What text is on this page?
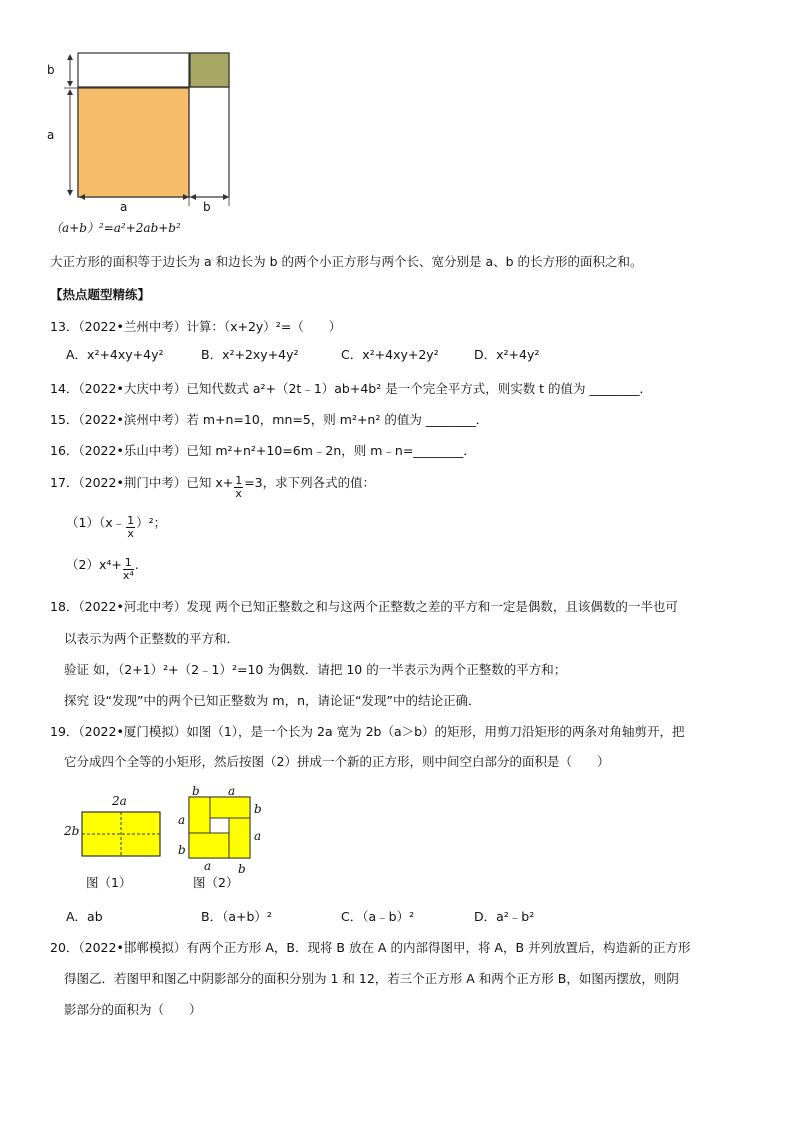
b
a
a	b
（a+b）²=a²+2ab+b²
大正方形的面积等于边长为 a 和边长为 b 的两个小正方形与两个长、宽分别是 a、b 的长方形的面积之和。
【热点题型精练】
13．（2022•兰州中考）计算：（x+2y）²=（　　）
A．x²+4xy+4y²	B．x²+2xy+4y²	C．x²+4xy+2y²	D．x²+4y²
14．（2022•大庆中考）已知代数式 a²+（2t﹣1）ab+4b² 是一个完全平方式，则实数 t 的值为 ________．
15．（2022•滨州中考）若 m+n=10，mn=5，则 m²+n² 的值为 ________．
16．（2022•乐山中考）已知 m²+n²+10=6m﹣2n，则 m﹣n=________．
17．（2022•荆门中考）已知 $x+ \frac{1}{x} =3$，求下列各式的值：
（1）（x﹣ $\frac{1}{x} )^2$；
$(2)x^4+ \frac{1}{\text{x⁴}}$ .
18．（2022•河北中考）发现 两个已知正整数之和与这两个正整数之差的平方和一定是偶数，且该偶数的一半也可
以表示为两个正整数的平方和．
验证 如，（2+1）²+（2﹣1）²=10 为偶数．请把 10 的一半表示为两个正整数的平方和；
探究 设“发现”中的两个已知正整数为 m，n，请论证“发现”中的结论正确．
19．（2022•厦门模拟）如图（1），是一个长为 2a 宽为 2b（a＞b）的矩形，用剪刀沿矩形的两条对角轴剪开，把
它分成四个全等的小矩形，然后按图（2）拼成一个新的正方形，则中间空白部分的面积是（　　）
2a
2b
图（1）
b a
b
a
a
b
a b
图（2）
A．ab	B．（a+b）²	C．（a﹣b）²	D．a²﹣b²
20．（2022•邯郸模拟）有两个正方形 A，B．现将 B 放在 A 的内部得图甲，将 A，B 并列放置后，构造新的正方形
得图乙．若图甲和图乙中阴影部分的面积分别为 1 和 12，若三个正方形 A 和两个正方形 B，如图丙摆放，则阴
影部分的面积为（　　）
